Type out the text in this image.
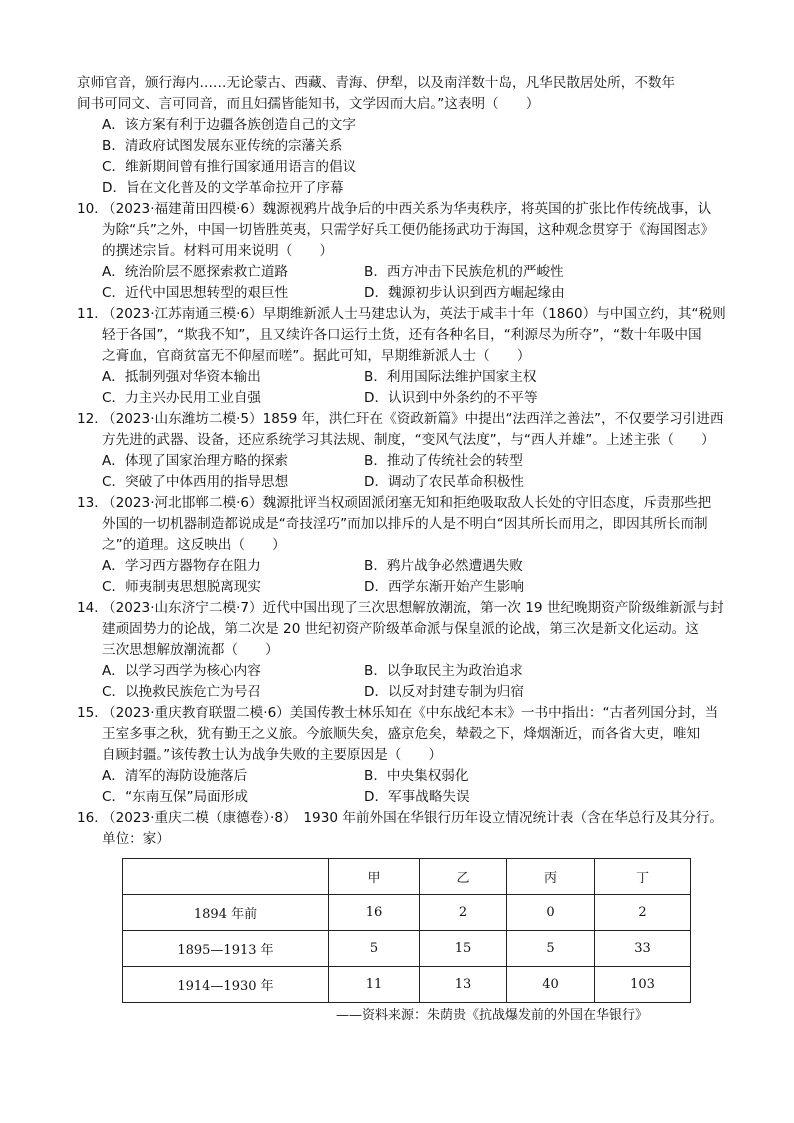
京师官音，颁行海内……无论蒙古、西藏、青海、伊犁，以及南洋数十岛，凡华民散居处所，不数年
间书可同文、言可同音，而且妇孺皆能知书，文学因而大启。”这表明（　　）
A．该方案有利于边疆各族创造自己的文字
B．清政府试图发展东亚传统的宗藩关系
C．维新期间曾有推行国家通用语言的倡议
D．旨在文化普及的文学革命拉开了序幕
10．
（2023·福建莆田四模·6）魏源视鸦片战争后的中西关系为华夷秩序，将英国的扩张比作传统战事，认
为除“兵”之外，中国一切皆胜英夷，只需学好兵工便仍能扬武功于海国，这种观念贯穿于《海国图志》
的撰述宗旨。材料可用来说明（　　）
A．统治阶层不愿探索救亡道路	B．西方冲击下民族危机的严峻性
C．近代中国思想转型的艰巨性	D．魏源初步认识到西方崛起缘由
11．
（2023·江苏南通三模·6）早期维新派人士马建忠认为，英法于咸丰十年（1860）与中国立约，其“税则
轻于各国”，“欺我不知”，且又续许各口运行土货，还有各种名目，“利源尽为所夺”，“数十年吸中国
之膏血，官商贫富无不仰屋而嗟”。据此可知，早期维新派人士（　　）
A．抵制列强对华资本输出	B．利用国际法维护国家主权
C．力主兴办民用工业自强	D．认识到中外条约的不平等
12．
（2023·山东潍坊二模·5）1859 年，洪仁玕在《资政新篇》中提出“法西洋之善法”，不仅要学习引进西
方先进的武器、设备，还应系统学习其法规、制度，“变风气法度”，与“西人并雄”。上述主张（　　）
A．体现了国家治理方略的探索	B．推动了传统社会的转型
C．突破了中体西用的指导思想	D．调动了农民革命积极性
13．
（2023·河北邯郸二模·6）魏源批评当权顽固派闭塞无知和拒绝吸取敌人长处的守旧态度，斥责那些把
外国的一切机器制造都说成是“奇技淫巧”而加以排斥的人是不明白“因其所长而用之，即因其所长而制
之”的道理。这反映出（　　）
A．学习西方器物存在阻力	B．鸦片战争必然遭遇失败
C．师夷制夷思想脱离现实	D．西学东渐开始产生影响
14．
（2023·山东济宁二模·7）近代中国出现了三次思想解放潮流，第一次 19 世纪晚期资产阶级维新派与封
建顽固势力的论战，第二次是 20 世纪初资产阶级革命派与保皇派的论战，第三次是新文化运动。这
三次思想解放潮流都（　　）
A．以学习西学为核心内容	B．以争取民主为政治追求
C．以挽救民族危亡为号召	D．以反对封建专制为归宿
15．
（2023·重庆教育联盟二模·6）美国传教士林乐知在《中东战纪本末》一书中指出：“古者列国分封，当
王室多事之秋，犹有勤王之义旅。今旅顺失矣，盛京危矣，辇毂之下，烽烟渐近，而各省大吏，唯知
自顾封疆。”该传教士认为战争失败的主要原因是（　　）
A．清军的海防设施落后	B．中央集权弱化
C．“东南互保”局面形成	D．军事战略失误
16．
（2023·重庆二模（康德卷）·8）　1930 年前外国在华银行历年设立情况统计表（含在华总行及其分行。
单位：家）
	甲	乙	丙	丁
1894 年前	16	2	0	2
1895—1913 年	5	15	5	33
1914—1930 年	11	13	40	103
——资料来源：朱荫贵《抗战爆发前的外国在华银行》
